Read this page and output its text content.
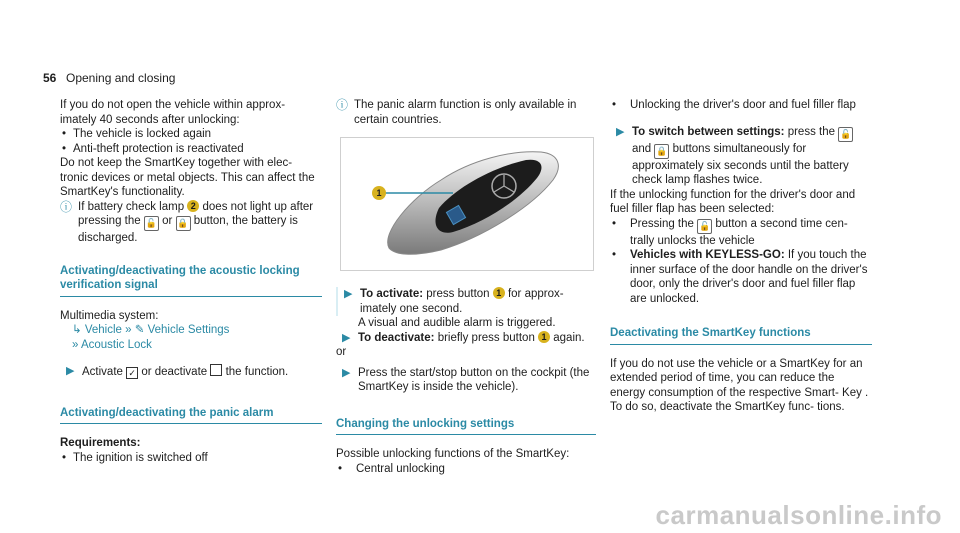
56 Opening and closing

If you do not open the vehicle within approx- imately 40 seconds after unlocking:

• The vehicle is locked again

• Anti-theft protection is reactivated

Do not keep the SmartKey together with elec- tronic devices or metal objects. This can affect the SmartKey's functionality.

ⓘ If battery check lamp 2 does not light up after pressing the 🔓 or 🔒 button, the battery is discharged.

Activating/deactivating the acoustic locking verification signal

Multimedia system:

↳ Vehicle » ✎ Vehicle Settings

» Acoustic Lock

▶ Activate ✓ or deactivate the function.

Activating/deactivating the panic alarm

Requirements:

• The ignition is switched off

ⓘ The panic alarm function is only available in certain countries.

1

▶ To activate: press button 1 for approx- imately one second.

A visual and audible alarm is triggered.

▶ To deactivate: briefly press button 1 again.

or

▶ Press the start/stop button on the cockpit (the SmartKey is inside the vehicle).

Changing the unlocking settings

Possible unlocking functions of the SmartKey:

• Central unlocking

• Unlocking the driver's door and fuel filler flap

▶ To switch between settings: press the 🔓 and 🔒 buttons simultaneously for approximately six seconds until the battery check lamp flashes twice.

If the unlocking function for the driver's door and fuel filler flap has been selected:

• Pressing the 🔓 button a second time cen- trally unlocks the vehicle

• Vehicles with KEYLESS-GO: If you touch the inner surface of the door handle on the driver's door, only the driver's door and fuel filler flap are unlocked.

Deactivating the SmartKey functions

If you do not use the vehicle or a SmartKey for an extended period of time, you can reduce the energy consumption of the respective Smart- Key . To do so, deactivate the SmartKey func- tions.

carmanualsonline.info
